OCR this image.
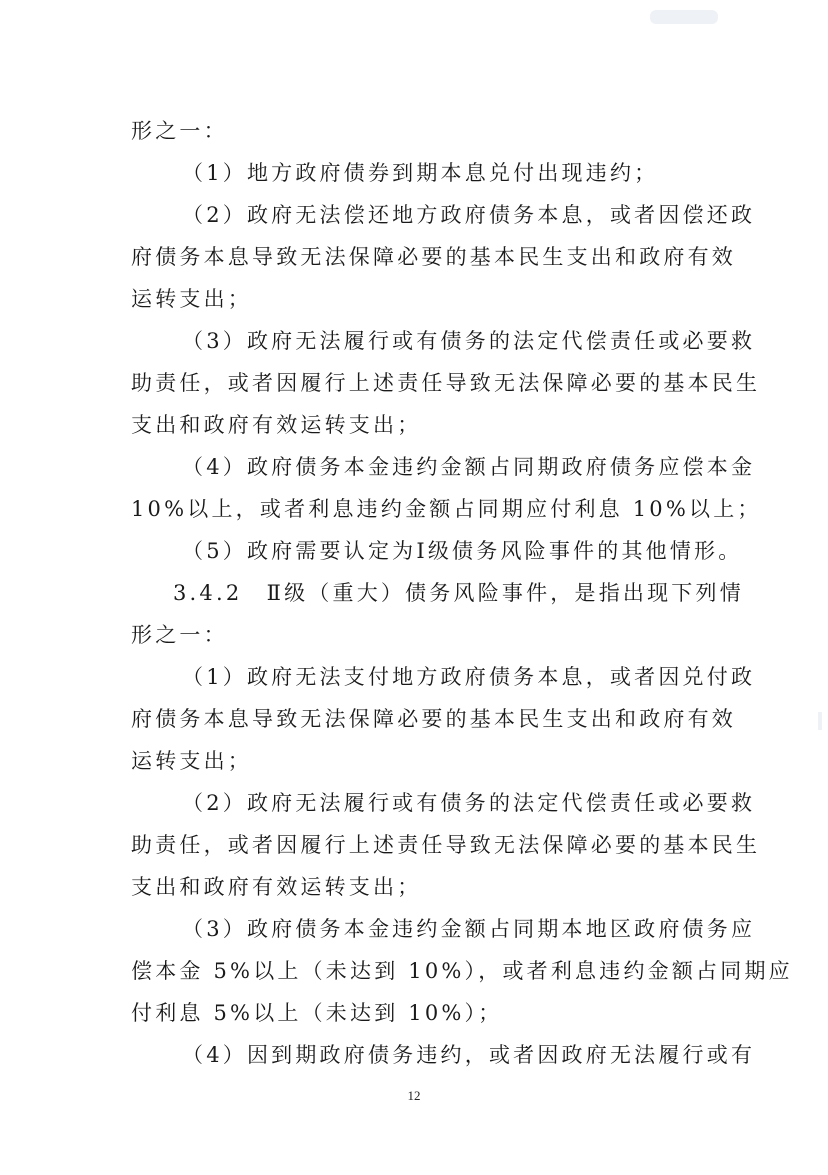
形之一：
（1）地方政府债券到期本息兑付出现违约；
（2）政府无法偿还地方政府债务本息，或者因偿还政
府债务本息导致无法保障必要的基本民生支出和政府有效
运转支出；
（3）政府无法履行或有债务的法定代偿责任或必要救
助责任，或者因履行上述责任导致无法保障必要的基本民生
支出和政府有效运转支出；
（4）政府债务本金违约金额占同期政府债务应偿本金
10%以上，或者利息违约金额占同期应付利息 10%以上；
（5）政府需要认定为Ⅰ级债务风险事件的其他情形。
3.4.2　Ⅱ级（重大）债务风险事件，是指出现下列情
形之一：
（1）政府无法支付地方政府债务本息，或者因兑付政
府债务本息导致无法保障必要的基本民生支出和政府有效
运转支出；
（2）政府无法履行或有债务的法定代偿责任或必要救
助责任，或者因履行上述责任导致无法保障必要的基本民生
支出和政府有效运转支出；
（3）政府债务本金违约金额占同期本地区政府债务应
偿本金 5%以上（未达到 10%），或者利息违约金额占同期应
付利息 5%以上（未达到 10%）；
（4）因到期政府债务违约，或者因政府无法履行或有
12
